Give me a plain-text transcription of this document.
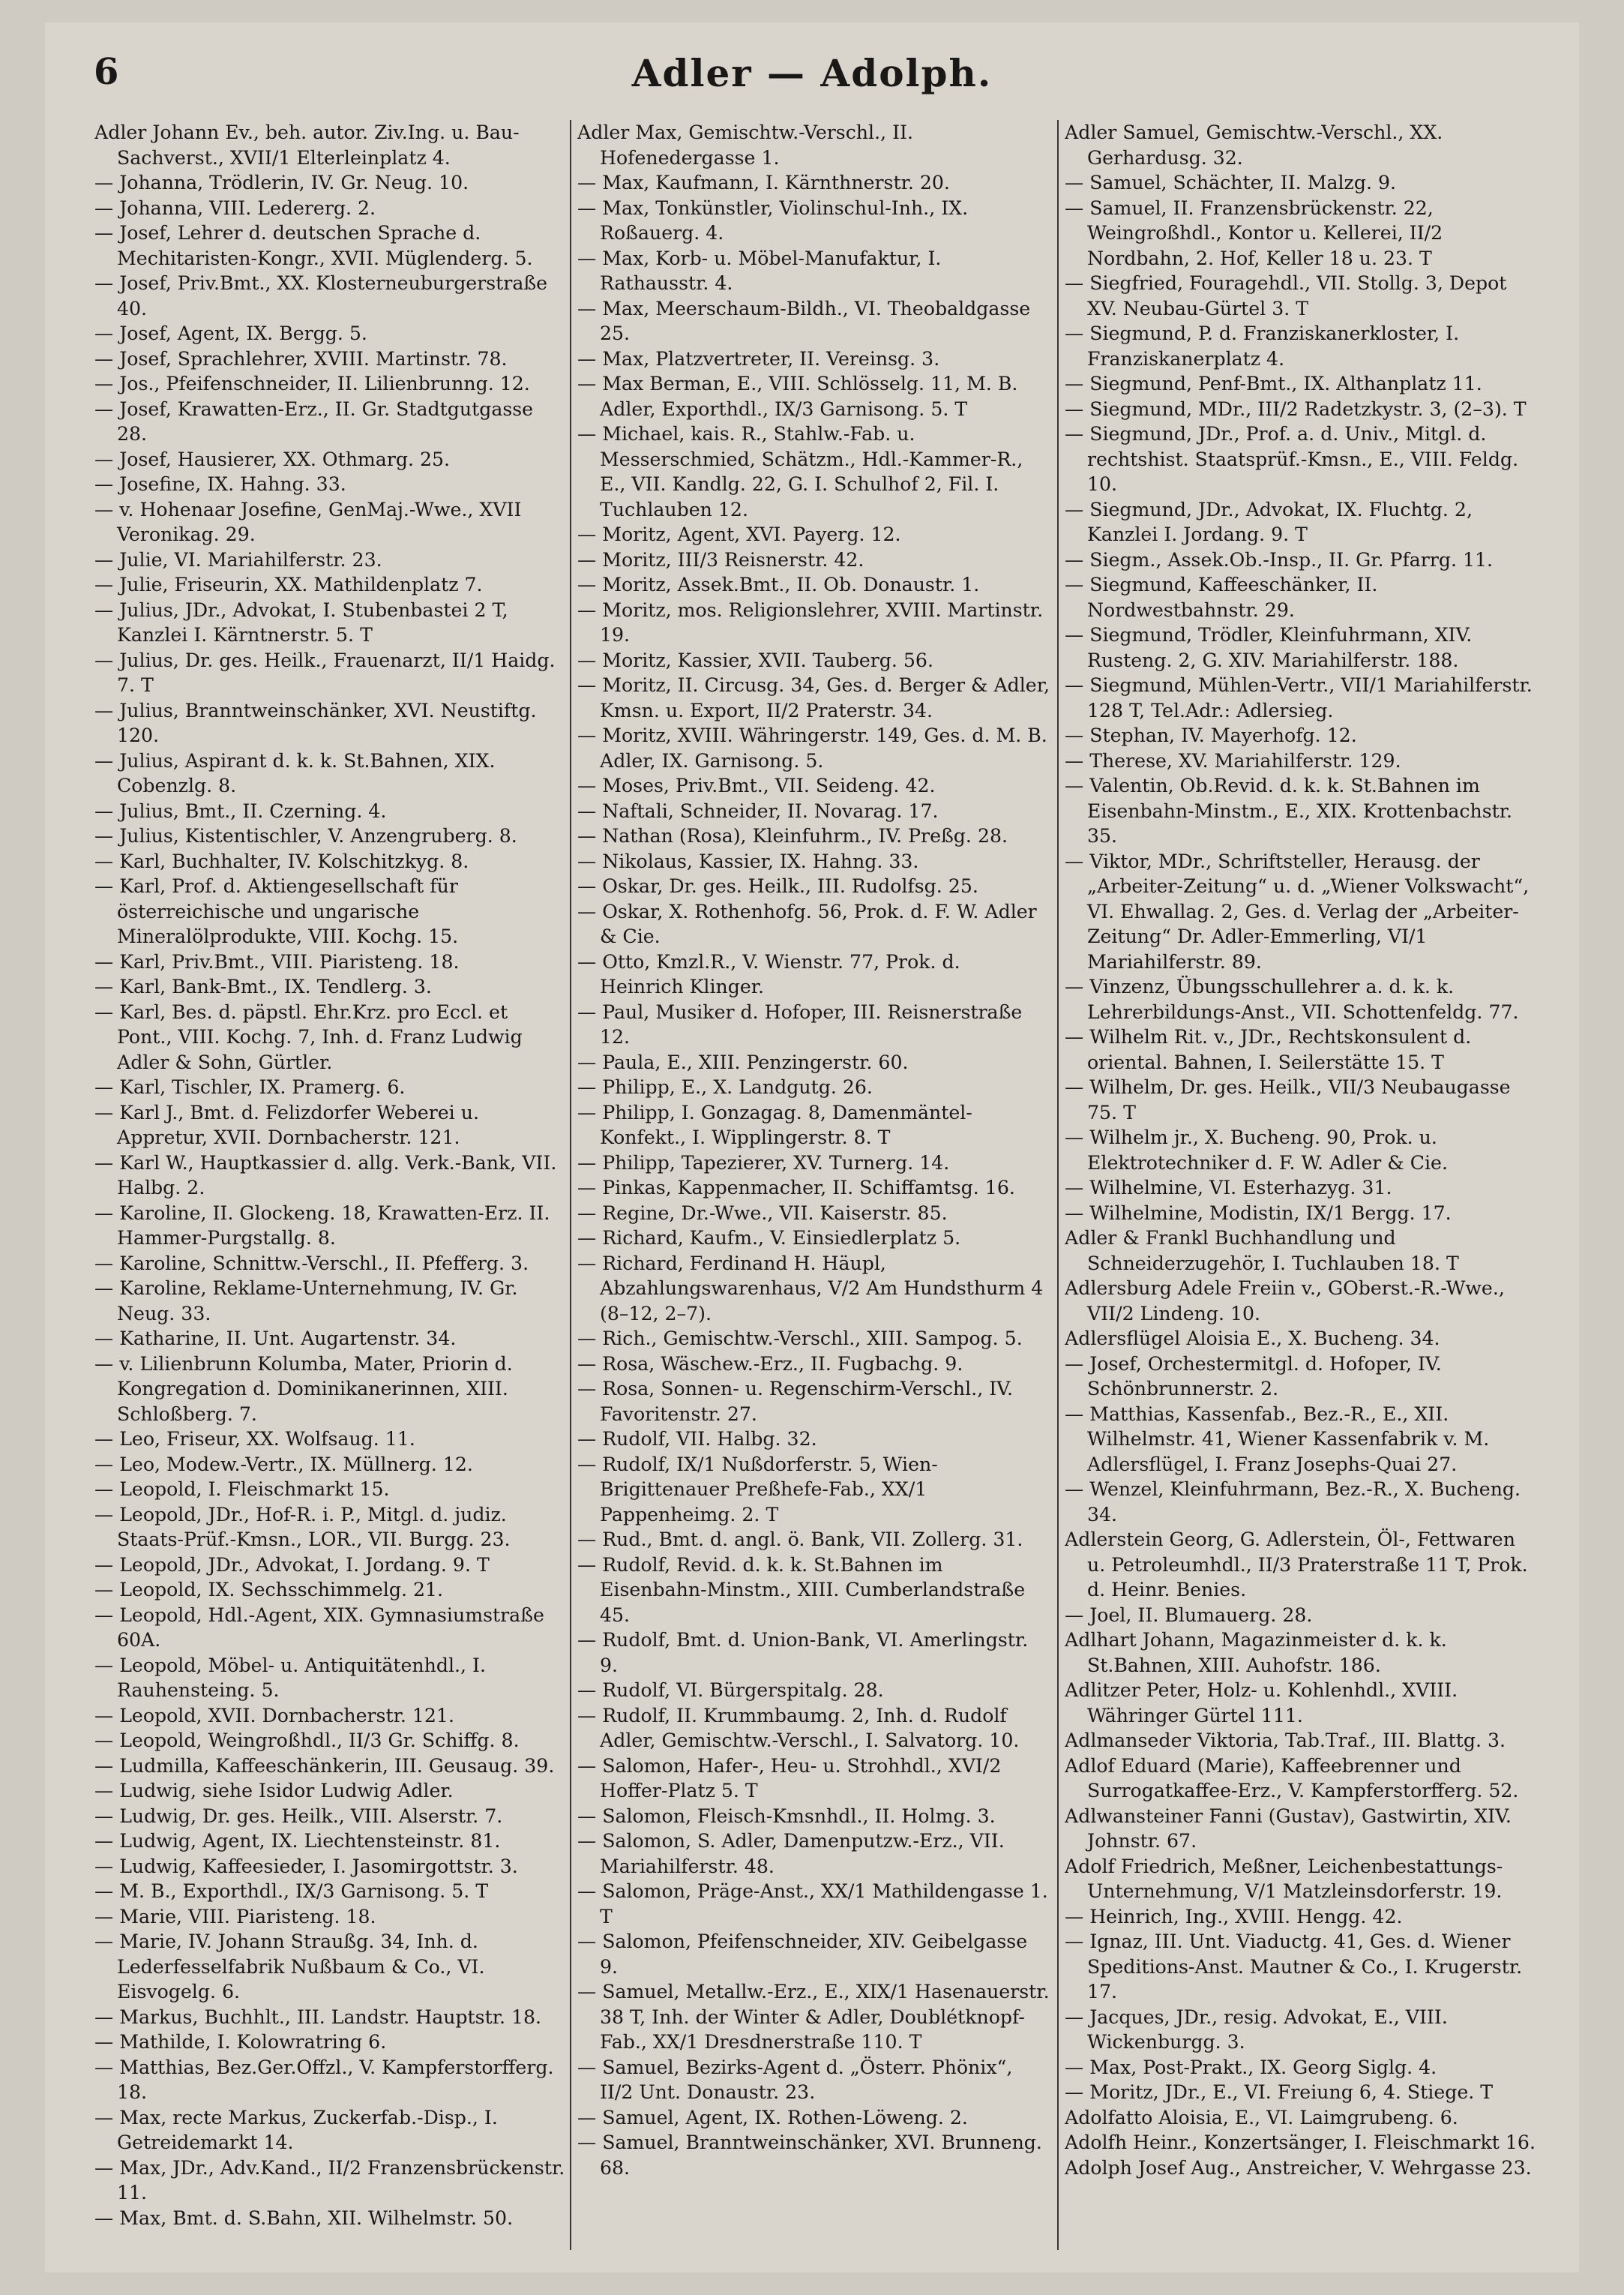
6	Adler — Adolph.

Adler Johann Ev., beh. autor. Ziv.Ing. u. Bau-Sachverst., XVII/1 Elterleinplatz 4.

— Johanna, Trödlerin, IV. Gr. Neug. 10.

— Johanna, VIII. Ledererg. 2.

— Josef, Lehrer d. deutschen Sprache d. Mechitaristen-Kongr., XVII. Müglenderg. 5.

— Josef, Priv.Bmt., XX. Klosterneuburgerstraße 40.

— Josef, Agent, IX. Bergg. 5.

— Josef, Sprachlehrer, XVIII. Martinstr. 78.

— Jos., Pfeifenschneider, II. Lilienbrunng. 12.

— Josef, Krawatten-Erz., II. Gr. Stadtgutgasse 28.

— Josef, Hausierer, XX. Othmarg. 25.

— Josefine, IX. Hahng. 33.

— v. Hohenaar Josefine, GenMaj.-Wwe., XVII Veronikag. 29.

— Julie, VI. Mariahilferstr. 23.

— Julie, Friseurin, XX. Mathildenplatz 7.

— Julius, JDr., Advokat, I. Stubenbastei 2 T, Kanzlei I. Kärntnerstr. 5. T

— Julius, Dr. ges. Heilk., Frauenarzt, II/1 Haidg. 7. T

— Julius, Branntweinschänker, XVI. Neustiftg. 120.

— Julius, Aspirant d. k. k. St.Bahnen, XIX. Cobenzlg. 8.

— Julius, Bmt., II. Czerning. 4.

— Julius, Kistentischler, V. Anzengruberg. 8.

— Karl, Buchhalter, IV. Kolschitzkyg. 8.

— Karl, Prof. d. Aktiengesellschaft für österreichische und ungarische Mineralölprodukte, VIII. Kochg. 15.

— Karl, Priv.Bmt., VIII. Piaristeng. 18.

— Karl, Bank-Bmt., IX. Tendlerg. 3.

— Karl, Bes. d. päpstl. Ehr.Krz. pro Eccl. et Pont., VIII. Kochg. 7, Inh. d. Franz Ludwig Adler & Sohn, Gürtler.

— Karl, Tischler, IX. Pramerg. 6.

— Karl J., Bmt. d. Felizdorfer Weberei u. Appretur, XVII. Dornbacherstr. 121.

— Karl W., Hauptkassier d. allg. Verk.-Bank, VII. Halbg. 2.

— Karoline, II. Glockeng. 18, Krawatten-Erz. II. Hammer-Purgstallg. 8.

— Karoline, Schnittw.-Verschl., II. Pfefferg. 3.

— Karoline, Reklame-Unternehmung, IV. Gr. Neug. 33.

— Katharine, II. Unt. Augartenstr. 34.

— v. Lilienbrunn Kolumba, Mater, Priorin d. Kongregation d. Dominikanerinnen, XIII. Schloßberg. 7.

— Leo, Friseur, XX. Wolfsaug. 11.

— Leo, Modew.-Vertr., IX. Müllnerg. 12.

— Leopold, I. Fleischmarkt 15.

— Leopold, JDr., Hof-R. i. P., Mitgl. d. judiz. Staats-Prüf.-Kmsn., LOR., VII. Burgg. 23.

— Leopold, JDr., Advokat, I. Jordang. 9. T

— Leopold, IX. Sechsschimmelg. 21.

— Leopold, Hdl.-Agent, XIX. Gymnasiumstraße 60A.

— Leopold, Möbel- u. Antiquitätenhdl., I. Rauhensteing. 5.

— Leopold, XVII. Dornbacherstr. 121.

— Leopold, Weingroßhdl., II/3 Gr. Schiffg. 8.

— Ludmilla, Kaffeeschänkerin, III. Geusaug. 39.

— Ludwig, siehe Isidor Ludwig Adler.

— Ludwig, Dr. ges. Heilk., VIII. Alserstr. 7.

— Ludwig, Agent, IX. Liechtensteinstr. 81.

— Ludwig, Kaffeesieder, I. Jasomirgottstr. 3.

— M. B., Exporthdl., IX/3 Garnisong. 5. T

— Marie, VIII. Piaristeng. 18.

— Marie, IV. Johann Straußg. 34, Inh. d. Lederfesselfabrik Nußbaum & Co., VI. Eisvogelg. 6.

— Markus, Buchhlt., III. Landstr. Hauptstr. 18.

— Mathilde, I. Kolowratring 6.

— Matthias, Bez.Ger.Offzl., V. Kampferstorfferg. 18.

— Max, recte Markus, Zuckerfab.-Disp., I. Getreidemarkt 14.

— Max, JDr., Adv.Kand., II/2 Franzensbrückenstr. 11.

— Max, Bmt. d. S.Bahn, XII. Wilhelmstr. 50.

Adler Max, Gemischtw.-Verschl., II. Hofenedergasse 1.

— Max, Kaufmann, I. Kärnthnerstr. 20.

— Max, Tonkünstler, Violinschul-Inh., IX. Roßauerg. 4.

— Max, Korb- u. Möbel-Manufaktur, I. Rathausstr. 4.

— Max, Meerschaum-Bildh., VI. Theobaldgasse 25.

— Max, Platzvertreter, II. Vereinsg. 3.

— Max Berman, E., VIII. Schlösselg. 11, M. B. Adler, Exporthdl., IX/3 Garnisong. 5. T

— Michael, kais. R., Stahlw.-Fab. u. Messerschmied, Schätzm., Hdl.-Kammer-R., E., VII. Kandlg. 22, G. I. Schulhof 2, Fil. I. Tuchlauben 12.

— Moritz, Agent, XVI. Payerg. 12.

— Moritz, III/3 Reisnerstr. 42.

— Moritz, Assek.Bmt., II. Ob. Donaustr. 1.

— Moritz, mos. Religionslehrer, XVIII. Martinstr. 19.

— Moritz, Kassier, XVII. Tauberg. 56.

— Moritz, II. Circusg. 34, Ges. d. Berger & Adler, Kmsn. u. Export, II/2 Praterstr. 34.

— Moritz, XVIII. Währingerstr. 149, Ges. d. M. B. Adler, IX. Garnisong. 5.

— Moses, Priv.Bmt., VII. Seideng. 42.

— Naftali, Schneider, II. Novarag. 17.

— Nathan (Rosa), Kleinfuhrm., IV. Preßg. 28.

— Nikolaus, Kassier, IX. Hahng. 33.

— Oskar, Dr. ges. Heilk., III. Rudolfsg. 25.

— Oskar, X. Rothenhofg. 56, Prok. d. F. W. Adler & Cie.

— Otto, Kmzl.R., V. Wienstr. 77, Prok. d. Heinrich Klinger.

— Paul, Musiker d. Hofoper, III. Reisnerstraße 12.

— Paula, E., XIII. Penzingerstr. 60.

— Philipp, E., X. Landgutg. 26.

— Philipp, I. Gonzagag. 8, Damenmäntel-Konfekt., I. Wipplingerstr. 8. T

— Philipp, Tapezierer, XV. Turnerg. 14.

— Pinkas, Kappenmacher, II. Schiffamtsg. 16.

— Regine, Dr.-Wwe., VII. Kaiserstr. 85.

— Richard, Kaufm., V. Einsiedlerplatz 5.

— Richard, Ferdinand H. Häupl, Abzahlungswarenhaus, V/2 Am Hundsthurm 4 (8–12, 2–7).

— Rich., Gemischtw.-Verschl., XIII. Sampog. 5.

— Rosa, Wäschew.-Erz., II. Fugbachg. 9.

— Rosa, Sonnen- u. Regenschirm-Verschl., IV. Favoritenstr. 27.

— Rudolf, VII. Halbg. 32.

— Rudolf, IX/1 Nußdorferstr. 5, Wien-Brigittenauer Preßhefe-Fab., XX/1 Pappenheimg. 2. T

— Rud., Bmt. d. angl. ö. Bank, VII. Zollerg. 31.

— Rudolf, Revid. d. k. k. St.Bahnen im Eisenbahn-Minstm., XIII. Cumberlandstraße 45.

— Rudolf, Bmt. d. Union-Bank, VI. Amerlingstr. 9.

— Rudolf, VI. Bürgerspitalg. 28.

— Rudolf, II. Krummbaumg. 2, Inh. d. Rudolf Adler, Gemischtw.-Verschl., I. Salvatorg. 10.

— Salomon, Hafer-, Heu- u. Strohhdl., XVI/2 Hoffer-Platz 5. T

— Salomon, Fleisch-Kmsnhdl., II. Holmg. 3.

— Salomon, S. Adler, Damenputzw.-Erz., VII. Mariahilferstr. 48.

— Salomon, Präge-Anst., XX/1 Mathildengasse 1. T

— Salomon, Pfeifenschneider, XIV. Geibelgasse 9.

— Samuel, Metallw.-Erz., E., XIX/1 Hasenauerstr. 38 T, Inh. der Winter & Adler, Doublétknopf-Fab., XX/1 Dresdnerstraße 110. T

— Samuel, Bezirks-Agent d. „Österr. Phönix“, II/2 Unt. Donaustr. 23.

— Samuel, Agent, IX. Rothen-Löweng. 2.

— Samuel, Branntweinschänker, XVI. Brunneng. 68.

Adler Samuel, Gemischtw.-Verschl., XX. Gerhardusg. 32.

— Samuel, Schächter, II. Malzg. 9.

— Samuel, II. Franzensbrückenstr. 22, Weingroßhdl., Kontor u. Kellerei, II/2 Nordbahn, 2. Hof, Keller 18 u. 23. T

— Siegfried, Fouragehdl., VII. Stollg. 3, Depot XV. Neubau-Gürtel 3. T

— Siegmund, P. d. Franziskanerkloster, I. Franziskanerplatz 4.

— Siegmund, Penf-Bmt., IX. Althanplatz 11.

— Siegmund, MDr., III/2 Radetzkystr. 3, (2–3). T

— Siegmund, JDr., Prof. a. d. Univ., Mitgl. d. rechtshist. Staatsprüf.-Kmsn., E., VIII. Feldg. 10.

— Siegmund, JDr., Advokat, IX. Fluchtg. 2, Kanzlei I. Jordang. 9. T

— Siegm., Assek.Ob.-Insp., II. Gr. Pfarrg. 11.

— Siegmund, Kaffeeschänker, II. Nordwestbahnstr. 29.

— Siegmund, Trödler, Kleinfuhrmann, XIV. Rusteng. 2, G. XIV. Mariahilferstr. 188.

— Siegmund, Mühlen-Vertr., VII/1 Mariahilferstr. 128 T, Tel.Adr.: Adlersieg.

— Stephan, IV. Mayerhofg. 12.

— Therese, XV. Mariahilferstr. 129.

— Valentin, Ob.Revid. d. k. k. St.Bahnen im Eisenbahn-Minstm., E., XIX. Krottenbachstr. 35.

— Viktor, MDr., Schriftsteller, Herausg. der „Arbeiter-Zeitung“ u. d. „Wiener Volkswacht“, VI. Ehwallag. 2, Ges. d. Verlag der „Arbeiter-Zeitung“ Dr. Adler-Emmerling, VI/1 Mariahilferstr. 89.

— Vinzenz, Übungsschullehrer a. d. k. k. Lehrerbildungs-Anst., VII. Schottenfeldg. 77.

— Wilhelm Rit. v., JDr., Rechtskonsulent d. oriental. Bahnen, I. Seilerstätte 15. T

— Wilhelm, Dr. ges. Heilk., VII/3 Neubaugasse 75. T

— Wilhelm jr., X. Bucheng. 90, Prok. u. Elektrotechniker d. F. W. Adler & Cie.

— Wilhelmine, VI. Esterhazyg. 31.

— Wilhelmine, Modistin, IX/1 Bergg. 17.

Adler & Frankl Buchhandlung und Schneiderzugehör, I. Tuchlauben 18. T

Adlersburg Adele Freiin v., GOberst.-R.-Wwe., VII/2 Lindeng. 10.

Adlersflügel Aloisia E., X. Bucheng. 34.

— Josef, Orchestermitgl. d. Hofoper, IV. Schönbrunnerstr. 2.

— Matthias, Kassenfab., Bez.-R., E., XII. Wilhelmstr. 41, Wiener Kassenfabrik v. M. Adlersflügel, I. Franz Josephs-Quai 27.

— Wenzel, Kleinfuhrmann, Bez.-R., X. Bucheng. 34.

Adlerstein Georg, G. Adlerstein, Öl-, Fettwaren u. Petroleumhdl., II/3 Praterstraße 11 T, Prok. d. Heinr. Benies.

— Joel, II. Blumauerg. 28.

Adlhart Johann, Magazinmeister d. k. k. St.Bahnen, XIII. Auhofstr. 186.

Adlitzer Peter, Holz- u. Kohlenhdl., XVIII. Währinger Gürtel 111.

Adlmanseder Viktoria, Tab.Traf., III. Blattg. 3.

Adlof Eduard (Marie), Kaffeebrenner und Surrogatkaffee-Erz., V. Kampferstorfferg. 52.

Adlwansteiner Fanni (Gustav), Gastwirtin, XIV. Johnstr. 67.

Adolf Friedrich, Meßner, Leichenbestattungs-Unternehmung, V/1 Matzleinsdorferstr. 19.

— Heinrich, Ing., XVIII. Hengg. 42.

— Ignaz, III. Unt. Viaductg. 41, Ges. d. Wiener Speditions-Anst. Mautner & Co., I. Krugerstr. 17.

— Jacques, JDr., resig. Advokat, E., VIII. Wickenburgg. 3.

— Max, Post-Prakt., IX. Georg Siglg. 4.

— Moritz, JDr., E., VI. Freiung 6, 4. Stiege. T

Adolfatto Aloisia, E., VI. Laimgrubeng. 6.

Adolfh Heinr., Konzertsänger, I. Fleischmarkt 16.

Adolph Josef Aug., Anstreicher, V. Wehrgasse 23.
